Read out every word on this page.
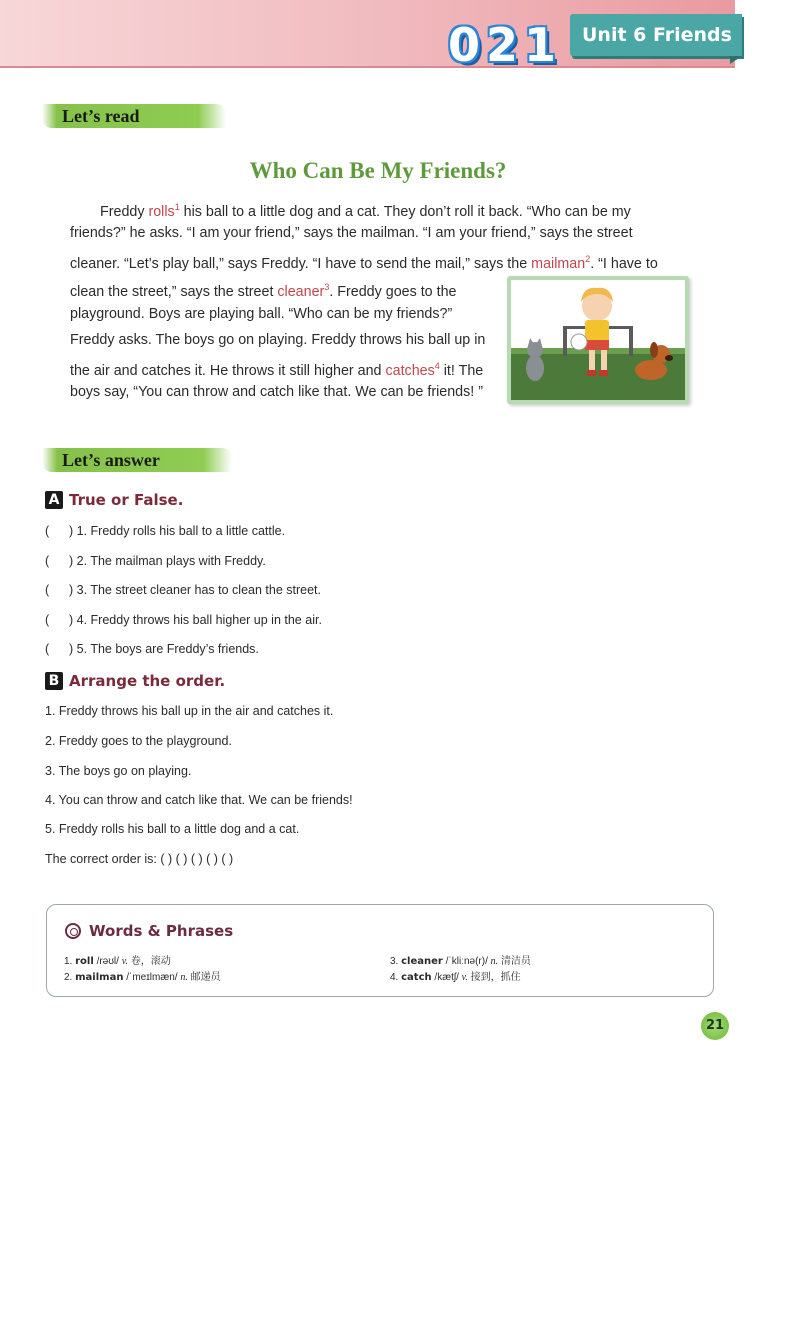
021	Unit 6 Friends
Let’s read
Who Can Be My Friends?
Freddy rolls$^1$ his ball to a little dog and a cat. They don’t roll it back. “Who can be my
friends?” he asks. “I am your friend,” says the mailman. “I am your friend,” says the street
cleaner. “Let’s play ball,” says Freddy. “I have to send the mail,” says the mailman$^2$. “I have to
clean the street,” says the street cleaner$^3$. Freddy goes to the
playground. Boys are playing ball. “Who can be my friends?”
Freddy asks. The boys go on playing. Freddy throws his ball up in
the air and catches it. He throws it still higher and catches$^4$ it! The
boys say, “You can throw and catch like that. We can be friends! ”
Let’s answer
A True or False.
( ) 1. Freddy rolls his ball to a little cattle.
( ) 2. The mailman plays with Freddy.
( ) 3. The street cleaner has to clean the street.
( ) 4. Freddy throws his ball higher up in the air.
( ) 5. The boys are Freddy’s friends.
B Arrange the order.
1. Freddy throws his ball up in the air and catches it.
2. Freddy goes to the playground.
3. The boys go on playing.
4. You can throw and catch like that. We can be friends!
5. Freddy rolls his ball to a little dog and a cat.
The correct order is: ( ) ( ) ( ) ( ) ( )
Words & Phrases
1. roll /rəʊl/ v. 卷，滚动
2. mailman /ˈmeɪlmæn/ n. 邮递员
3. cleaner /ˈkliːnə(r)/ n. 清洁员
4. catch /kætʃ/ v. 接到，抓住
21
